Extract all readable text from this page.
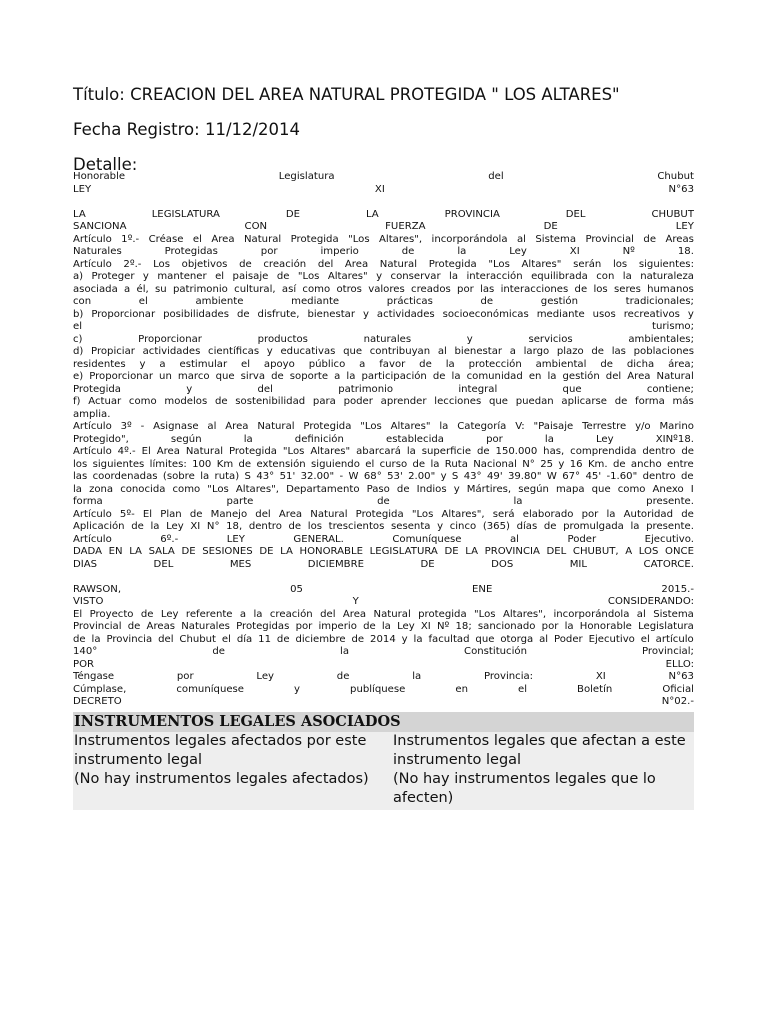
Título: CREACION DEL AREA NATURAL PROTEGIDA " LOS ALTARES"
Fecha Registro: 11/12/2014
Detalle:
Honorable	Legislatura	del	Chubut
LEY	XI	N°63
LA	LEGISLATURA	DE	LA	PROVINCIA	DEL	CHUBUT
SANCIONA	CON	FUERZA	DE	LEY
Artículo 1º.- Créase el Área Natural Protegida "Los Altares", incorporándola al Sistema Provincial de Áreas
Naturales	Protegidas	por	imperio	de	la	Ley	XI	Nº	18.
Artículo 2º.- Los objetivos de creación del Área Natural Protegida "Los Altares" serán los siguientes:
a) Proteger y mantener el paisaje de "Los Altares" y conservar la interacción equilibrada con la naturaleza
asociada a él, su patrimonio cultural, así como otros valores creados por las interacciones de los seres humanos
con	el	ambiente	mediante	prácticas	de	gestión	tradicionales;
b) Proporcionar posibilidades de disfrute, bienestar y actividades socioeconómicas mediante usos recreativos y
el	turismo;
c)	Proporcionar	productos	naturales	y	servicios	ambientales;
d) Propiciar actividades científicas y educativas que contribuyan al bienestar a largo plazo de las poblaciones
residentes y a estimular el apoyo público a favor de la protección ambiental de dicha área;
e) Proporcionar un marco que sirva de soporte a la participación de la comunidad en la gestión del Área Natural
Protegida	y	del	patrimonio	integral	que	contiene;
f) Actuar como modelos de sostenibilidad para poder aprender lecciones que puedan aplicarse de forma más
amplia.
Artículo 3º - Asignase al Área Natural Protegida "Los Altares" la Categoría V: "Paisaje Terrestre y/o Marino
Protegido",	según	la	definición	establecida	por	la	Ley	XINº18.
Artículo 4º.- El Área Natural Protegida "Los Altares" abarcará la superficie de 150.000 has, comprendida dentro de
los siguientes límites: 100 Km de extensión siguiendo el curso de la Ruta Nacional N° 25 y 16 Km. de ancho entre
las coordenadas (sobre la ruta) S 43° 51' 32.00" - W 68° 53' 2.00" y S 43° 49' 39.80" W 67° 45' -1.60" dentro de
la zona conocida como "Los Altares", Departamento Paso de Indios y Mártires, según mapa que como Anexo I
forma	parte	de	la	presente.
Artículo 5º- El Plan de Manejo del Área Natural Protegida "Los Altares", será elaborado por la Autoridad de
Aplicación de la Ley XI N° 18, dentro de los trescientos sesenta y cinco (365) días de promulgada la presente.
Artículo	6º.-	LEY	GENERAL.	Comuníquese	al	Poder	Ejecutivo.
DADA EN LA SALA DE SESIONES DE LA HONORABLE LEGISLATURA DE LA PROVINCIA DEL CHUBUT, A LOS ONCE
DÍAS	DEL	MES	DICIEMBRE	DE	DOS	MIL	CATORCE.
RAWSON,	05	ENE	2015.-
VISTO	Y	CONSIDERANDO:
El Proyecto de Ley referente a la creación del Área Natural protegida "Los Altares", incorporándola al Sistema
Provincial de Áreas Naturales Protegidas por imperio de la Ley XI Nº 18; sancionado por la Honorable Legislatura
de la Provincia del Chubut el día 11 de diciembre de 2014 y la facultad que otorga al Poder Ejecutivo el artículo
140°	de	la	Constitución	Provincial;
POR	ELLO:
Téngase	por	Ley	de	la	Provincia:	XI	N°63
Cúmplase,	comuníquese	y	publíquese	en	el	Boletín	Oficial
DECRETO	N°02.-
INSTRUMENTOS LEGALES ASOCIADOS
Instrumentos legales afectados por este instrumento legal
(No hay instrumentos legales afectados)
Instrumentos legales que afectan a este instrumento legal
(No hay instrumentos legales que lo afecten)
